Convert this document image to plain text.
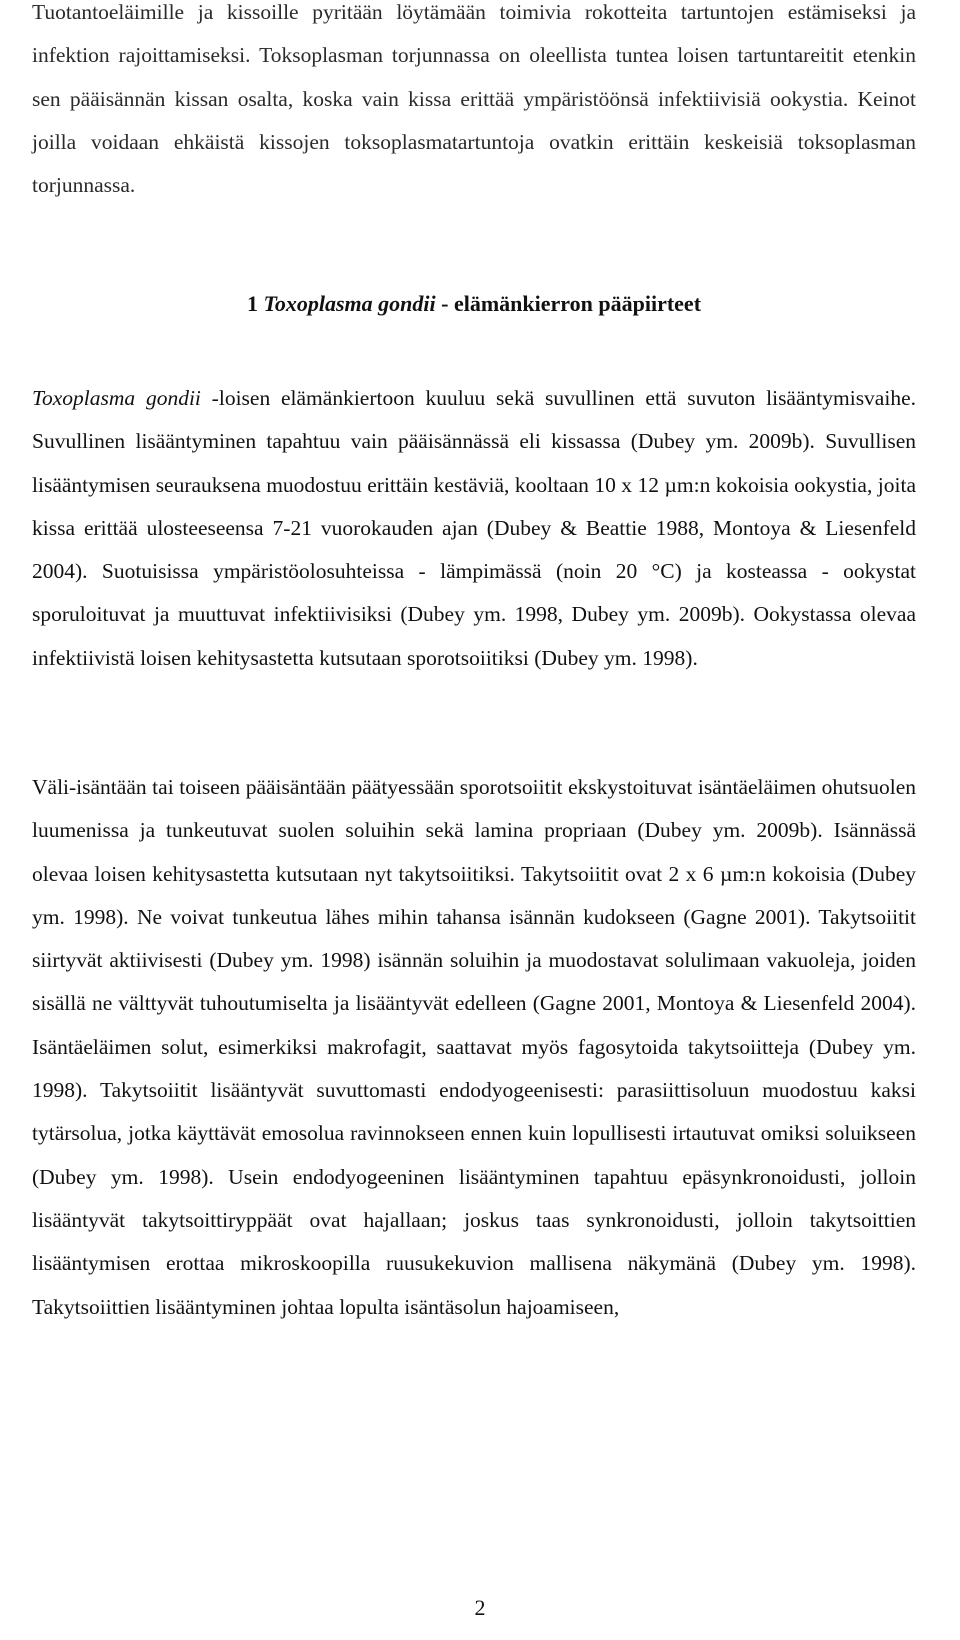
Tuotantoeläimille ja kissoille pyritään löytämään toimivia rokotteita tartuntojen estämiseksi ja infektion rajoittamiseksi. Toksoplasman torjunnassa on oleellista tuntea loisen tartuntareitit etenkin sen pääisännän kissan osalta, koska vain kissa erittää ympäristöönsä infektiivisiä ookystia. Keinot joilla voidaan ehkäistä kissojen toksoplasmatartuntoja ovatkin erittäin keskeisiä toksoplasman torjunnassa.

1 Toxoplasma gondii - elämänkierron pääpiirteet

Toxoplasma gondii -loisen elämänkiertoon kuuluu sekä suvullinen että suvuton lisääntymisvaihe. Suvullinen lisääntyminen tapahtuu vain pääisännässä eli kissassa (Dubey ym. 2009b). Suvullisen lisääntymisen seurauksena muodostuu erittäin kestäviä, kooltaan 10 x 12 µm:n kokoisia ookystia, joita kissa erittää ulosteeseensa 7-21 vuorokauden ajan (Dubey & Beattie 1988, Montoya & Liesenfeld 2004). Suotuisissa ympäristöolosuhteissa - lämpimässä (noin 20 °C) ja kosteassa - ookystat sporuloituvat ja muuttuvat infektiivisiksi (Dubey ym. 1998, Dubey ym. 2009b). Ookystassa olevaa infektiivistä loisen kehitysastetta kutsutaan sporotsoiitiksi (Dubey ym. 1998).

Väli-isäntään tai toiseen pääisäntään päätyessään sporotsoiitit ekskystoituvat isäntäeläimen ohutsuolen luumenissa ja tunkeutuvat suolen soluihin sekä lamina propriaan (Dubey ym. 2009b). Isännässä olevaa loisen kehitysastetta kutsutaan nyt takytsoiitiksi. Takytsoiitit ovat 2 x 6 µm:n kokoisia (Dubey ym. 1998). Ne voivat tunkeutua lähes mihin tahansa isännän kudokseen (Gagne 2001). Takytsoiitit siirtyvät aktiivisesti (Dubey ym. 1998) isännän soluihin ja muodostavat solulimaan vakuoleja, joiden sisällä ne välttyvät tuhoutumiselta ja lisääntyvät edelleen (Gagne 2001, Montoya & Liesenfeld 2004). Isäntäeläimen solut, esimerkiksi makrofagit, saattavat myös fagosytoida takytsoiitteja (Dubey ym. 1998). Takytsoiitit lisääntyvät suvuttomasti endodyogeenisesti: parasiittisoluun muodostuu kaksi tytärsolua, jotka käyttävät emosolua ravinnokseen ennen kuin lopullisesti irtautuvat omiksi soluikseen (Dubey ym. 1998). Usein endodyogeeninen lisääntyminen tapahtuu epäsynkronoidusti, jolloin lisääntyvät takytsoittiryppäät ovat hajallaan; joskus taas synkronoidusti, jolloin takytsoittien lisääntymisen erottaa mikroskoopilla ruusukekuvion mallisena näkymänä (Dubey ym. 1998). Takytsoiittien lisääntyminen johtaa lopulta isäntäsolun hajoamiseen,

2
